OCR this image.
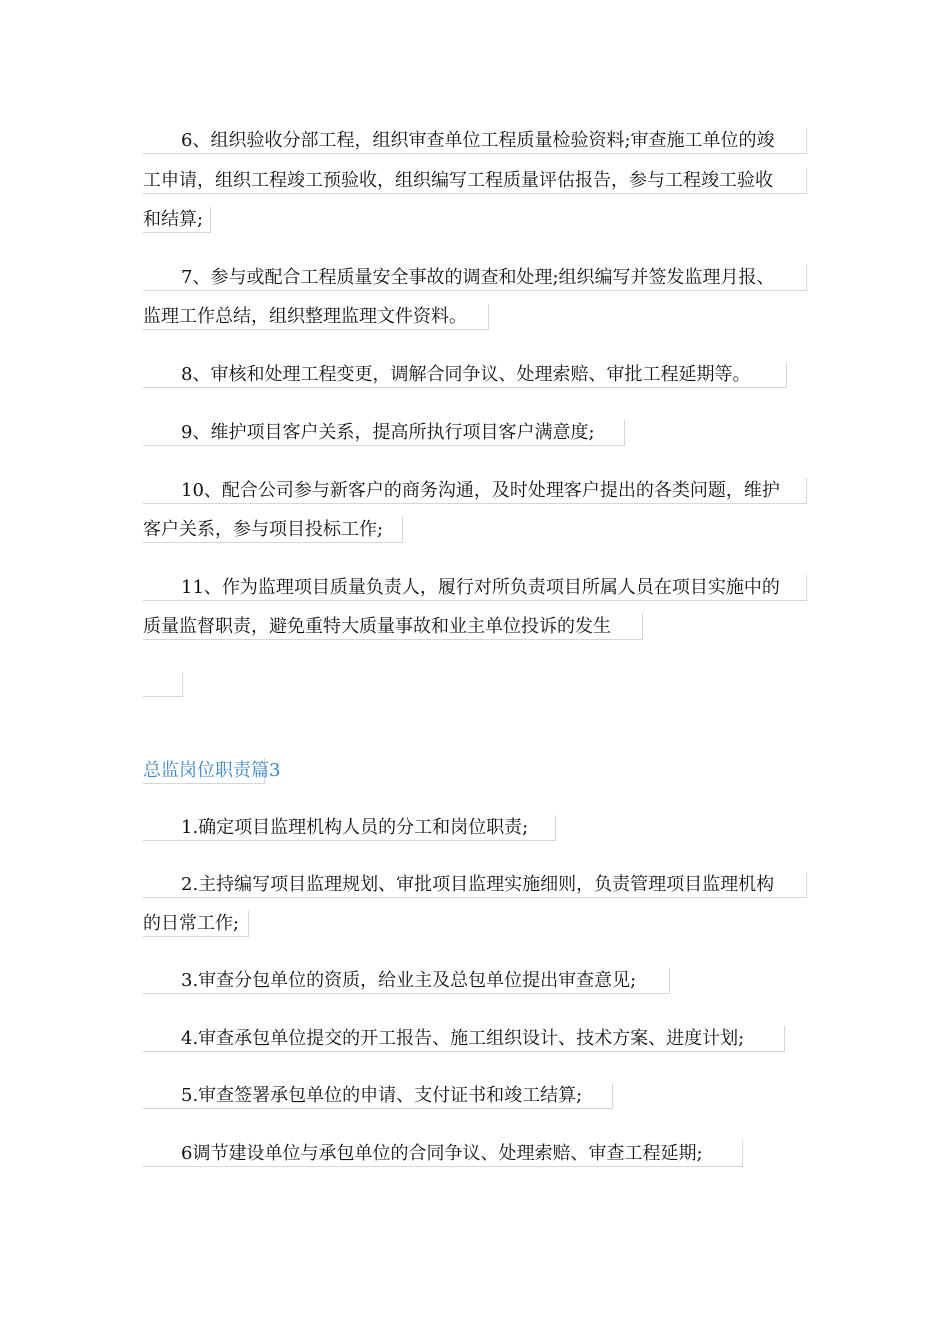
6、组织验收分部工程，组织审查单位工程质量检验资料;审查施工单位的竣
工申请，组织工程竣工预验收，组织编写工程质量评估报告，参与工程竣工验收
和结算;
7、参与或配合工程质量安全事故的调查和处理;组织编写并签发监理月报、
监理工作总结，组织整理监理文件资料。
8、审核和处理工程变更，调解合同争议、处理索赔、审批工程延期等。
9、维护项目客户关系，提高所执行项目客户满意度;
10、配合公司参与新客户的商务沟通，及时处理客户提出的各类问题，维护
客户关系，参与项目投标工作;
11、作为监理项目质量负责人，履行对所负责项目所属人员在项目实施中的
质量监督职责，避免重特大质量事故和业主单位投诉的发生
总监岗位职责篇3
1.确定项目监理机构人员的分工和岗位职责;
2.主持编写项目监理规划、审批项目监理实施细则，负责管理项目监理机构
的日常工作;
3.审查分包单位的资质，给业主及总包单位提出审查意见;
4.审查承包单位提交的开工报告、施工组织设计、技术方案、进度计划;
5.审查签署承包单位的申请、支付证书和竣工结算;
6调节建设单位与承包单位的合同争议、处理索赔、审查工程延期;
